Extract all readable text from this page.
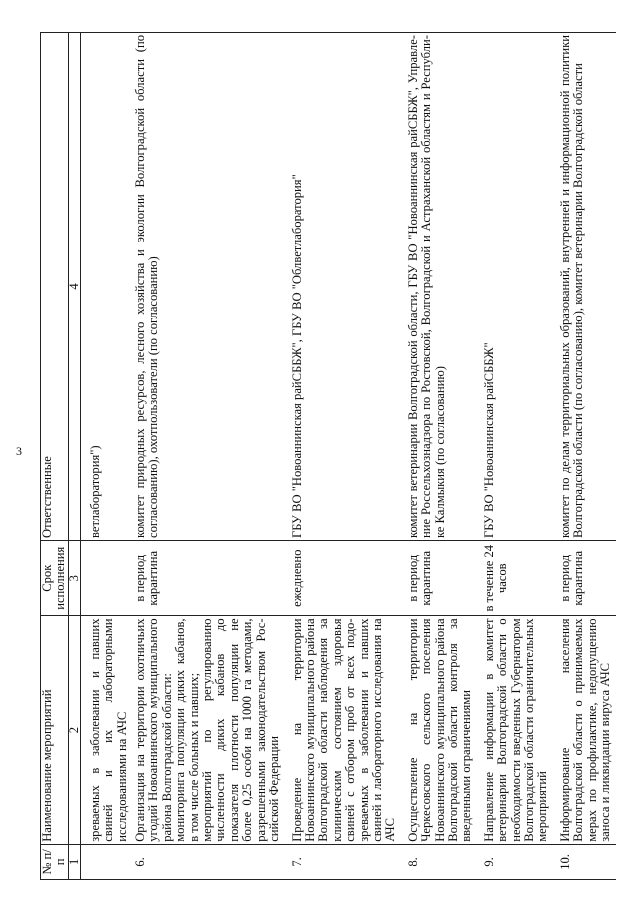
3
№ п/п	Наименование мероприятий	Срок исполнения	Ответственные
1	2	3	4

	зреваемых в заболевании и павших свиней и их лабораторными исследованиями на АЧС		ветлаборатория")
6.	Организация на территории охотничьих угодий Новоаннинского муниципального района Волгоградской области: мониторинга популяции диких кабанов, в том числе больных и павших; мероприятий по регулированию численности диких кабанов до показателя плотности популяции не более 0,25 особи на 1000 га методами, разрешенными законодательством Российской Федерации	в период карантина	комитет природных ресурсов, лесного хозяйства и экологии Волгоградской области (по согласованию), охотпользователи (по согласованию)
7.	Проведение на территории Новоаннинского муниципального района Волгоградской области наблюдения за клиническим состоянием здоровья свиней с отбором проб от всех подозреваемых в заболевании и павших свиней и лабораторного исследования на АЧС	ежедневно	ГБУ ВО "Новоаннинская райСББЖ", ГБУ ВО "Облветлаборатория"
8.	Осуществление на территории Черкесовского сельского поселения Новоаннинского муниципального района Волгоградской области контроля за введенными ограничениями	в период карантина	комитет ветеринарии Волгоградской области, ГБУ ВО "Новоаннинская райСББЖ", Управление Россельхознадзора по Ростовской, Волгоградской и Астраханской областям и Республике Калмыкия (по согласованию)
9.	Направление информации в комитет ветеринарии Волгоградской области о необходимости введенных Губернатором Волгоградской области ограничительных мероприятий	в течение 24 часов	ГБУ ВО "Новоаннинская райСББЖ"
10.	Информирование населения Волгоградской области о принимаемых мерах по профилактике, недопущению заноса и ликвидации вируса АЧС	в период карантина	комитет по делам территориальных образований, внутренней и информационной политики Волгоградской области (по согласованию), комитет ветеринарии Волгоградской области
